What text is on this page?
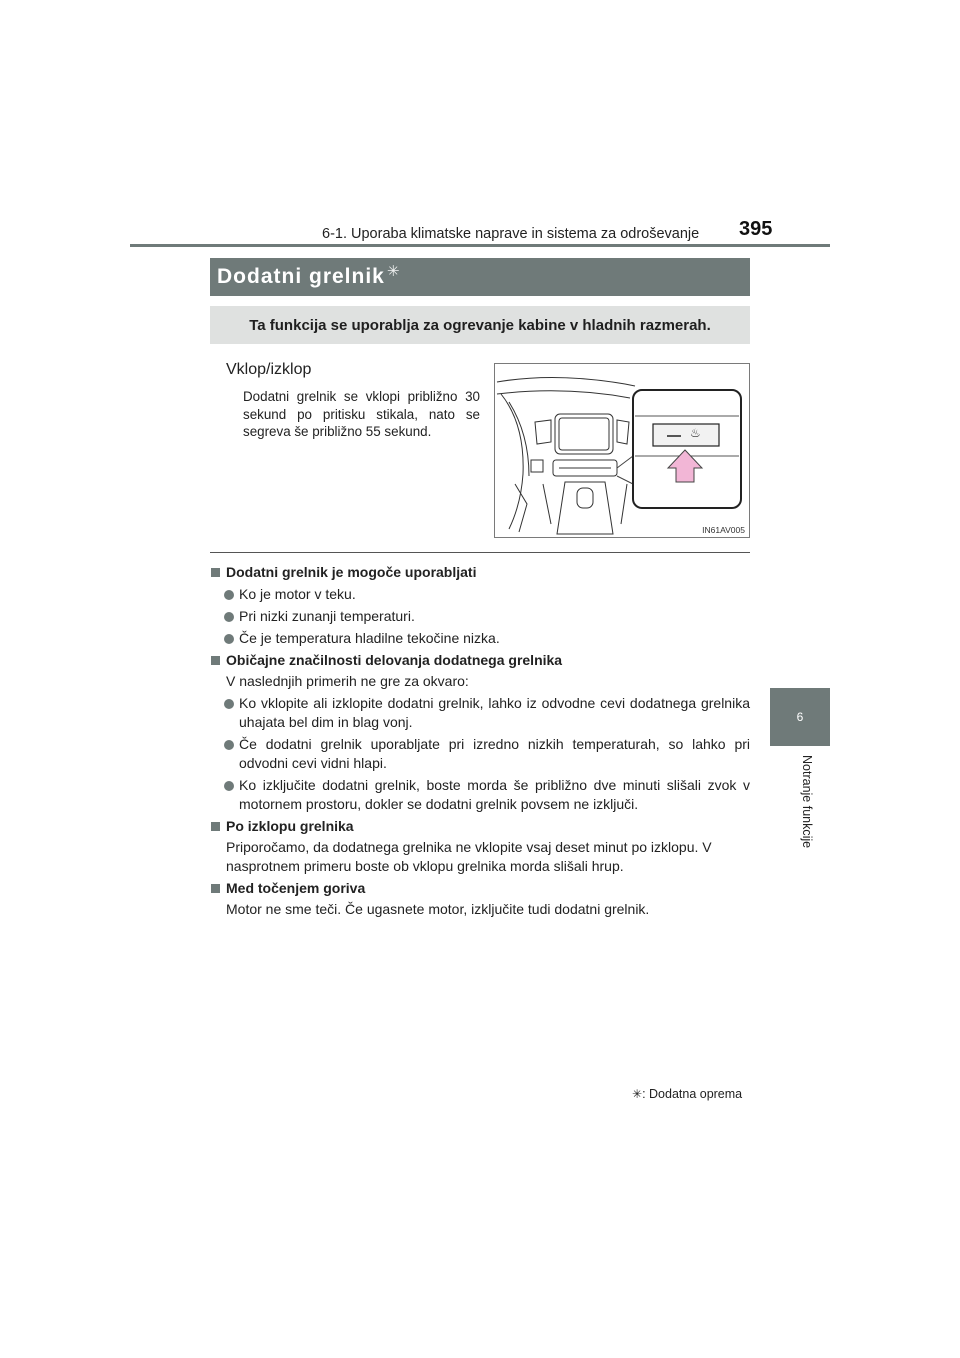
6-1. Uporaba klimatske naprave in sistema za odroševanje 395
6
Notranje funkcije
Dodatni grelnik ✳
Ta funkcija se uporablja za ogrevanje kabine v hladnih razmerah.
Vklop/izklop
Dodatni grelnik se vklopi približno 30 sekund po pritisku stikala, nato se segreva še približno 55 sekund.	♨
IN61AV005
Dodatni grelnik je mogoče uporabljati
Ko je motor v teku.
Pri nizki zunanji temperaturi.
Če je temperatura hladilne tekočine nizka.
Običajne značilnosti delovanja dodatnega grelnika
V naslednjih primerih ne gre za okvaro:
Ko vklopite ali izklopite dodatni grelnik, lahko iz odvodne cevi dodatnega grelnika uhajata bel dim in blag vonj.
Če dodatni grelnik uporabljate pri izredno nizkih temperaturah, so lahko pri odvodni cevi vidni hlapi.
Ko izključite dodatni grelnik, boste morda še približno dve minuti slišali zvok v motornem prostoru, dokler se dodatni grelnik povsem ne izključi.
Po izklopu grelnika
Priporočamo, da dodatnega grelnika ne vklopite vsaj deset minut po izklopu. V nasprotnem primeru boste ob vklopu grelnika morda slišali hrup.
Med točenjem goriva
Motor ne sme teči. Če ugasnete motor, izključite tudi dodatni grelnik.
✳: Dodatna oprema
